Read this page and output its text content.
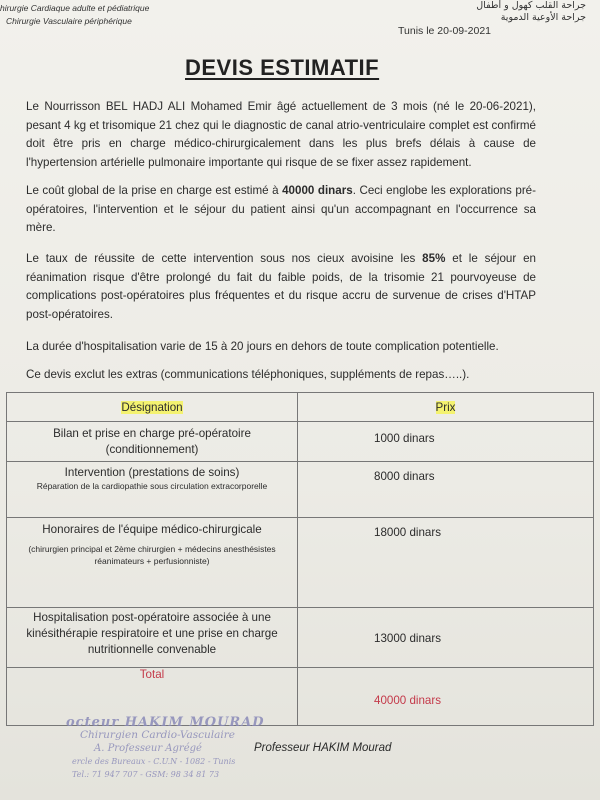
hirurgie Cardiaque adulte et pédiatrique
Chirurgie Vasculaire périphérique
جراحة القلب كهول و أطفال
جراحة الأوعية الدموية
Tunis le 20-09-2021
DEVIS ESTIMATIF

Le Nourrisson BEL HADJ ALI Mohamed Emir âgé actuellement de 3 mois (né le 20-06-2021), pesant 4 kg et trisomique 21 chez qui le diagnostic de canal atrio-ventriculaire complet est confirmé doit être pris en charge médico-chirurgicalement dans les plus brefs délais à cause de l'hypertension artérielle pulmonaire importante qui risque de se fixer assez rapidement.

Le coût global de la prise en charge est estimé à 40000 dinars. Ceci englobe les explorations pré-opératoires, l'intervention et le séjour du patient ainsi qu'un accompagnant en l'occurrence sa mère.

Le taux de réussite de cette intervention sous nos cieux avoisine les 85% et le séjour en réanimation risque d'être prolongé du fait du faible poids, de la trisomie 21 pourvoyeuse de complications post-opératoires plus fréquentes et du risque accru de survenue de crises d'HTAP post-opératoires.

La durée d'hospitalisation varie de 15 à 20 jours en dehors de toute complication potentielle.

Ce devis exclut les extras (communications téléphoniques, suppléments de repas…..).

Désignation	Prix

Bilan et prise en charge pré-opératoire (conditionnement)	1000 dinars

Intervention (prestations de soins)
Réparation de la cardiopathie sous circulation extracorporelle	8000 dinars

Honoraires de l'équipe médico-chirurgicale
(chirurgien principal et 2ème chirurgien + médecins anesthésistes réanimateurs + perfusionniste)	18000 dinars

Hospitalisation post-opératoire associée à une kinésithérapie respiratoire et une prise en charge nutritionnelle convenable	13000 dinars
Total	40000 dinars
octeur HAKIM MOURAD
Chirurgien Cardio-Vasculaire
A. Professeur Agrégé
ercle des Bureaux - C.U.N - 1082 - Tunis
Tel.: 71 947 707 - GSM: 98 34 81 73
Professeur HAKIM Mourad
